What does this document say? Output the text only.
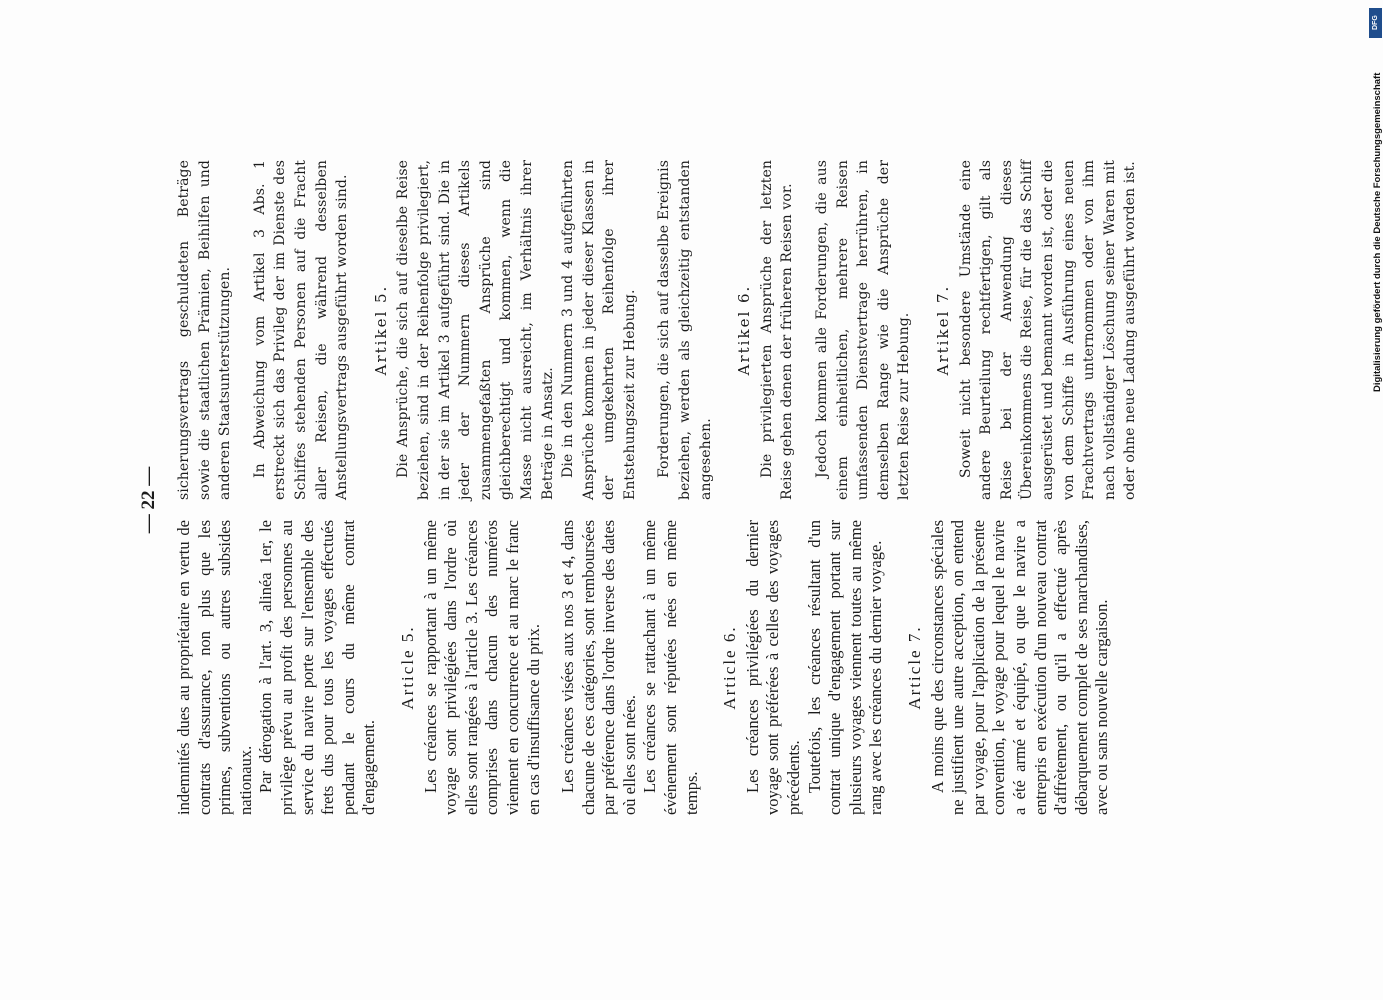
— 22 —

indemnités dues au propriétaire en vertu de contrats d'assurance, non plus que les primes, subventions ou autres subsides nationaux. Par dérogation à l'art. 3, alinéa 1er, le privilège prévu au profit des personnes au service du navire porte sur l'ensemble des frets dus pour tous les voyages effectués pendant le cours du même contrat d'engagement.

Article 5. Les créances se rapportant à un même voyage sont privilégiées dans l'ordre où elles sont rangées à l'article 3. Les créances comprises dans chacun des numéros viennent en concurrence et au marc le franc en cas d'insuffisance du prix. Les créances visées aux nos 3 et 4, dans chacune de ces catégories, sont remboursées par préférence dans l'ordre inverse des dates où elles sont nées. Les créances se rattachant à un même événement sont réputées nées en même temps.

Article 6. Les créances privilégiées du dernier voyage sont préférées à celles des voyages précédents. Toutefois, les créances résultant d'un contrat unique d'engagement portant sur plusieurs voyages viennent toutes au même rang avec les créances du dernier voyage. Article 7. A moins que des circonstances spéciales ne justifient une autre acception, on entend par voyage, pour l'application de la présente convention, le voyage pour lequel le navire a été armé et équipé, ou que le navire a entrepris en exécution d'un nouveau contrat d'affrètement, ou qu'il a effectué après débarquement complet de ses marchandises, avec ou sans nouvelle cargaison.

sicherungsvertrags geschuldeten Beträge sowie die staatlichen Prämien, Beihilfen und anderen Staatsunterstützungen. In Abweichung vom Artikel 3 Abs. 1 erstreckt sich das Privileg der im Dienste des Schiffes stehenden Personen auf die Fracht aller Reisen, die während desselben Anstellungsvertrags ausgeführt worden sind. Artikel 5. Die Ansprüche, die sich auf dieselbe Reise beziehen, sind in der Reihenfolge privilegiert, in der sie im Artikel 3 aufgeführt sind. Die in jeder der Nummern dieses Artikels zusammengefaßten Ansprüche sind gleichberechtigt und kommen, wenn die Masse nicht ausreicht, im Verhältnis ihrer Beträge in Ansatz. Die in den Nummern 3 und 4 aufgeführten Ansprüche kommen in jeder dieser Klassen in der umgekehrten Reihenfolge ihrer Entstehungszeit zur Hebung. Forderungen, die sich auf dasselbe Ereignis beziehen, werden als gleichzeitig entstanden angesehen.

Artikel 6. Die privilegierten Ansprüche der letzten Reise gehen denen der früheren Reisen vor. Jedoch kommen alle Forderungen, die aus einem einheitlichen, mehrere Reisen umfassenden Dienstvertrage herrühren, in demselben Range wie die Ansprüche der letzten Reise zur Hebung. Artikel 7. Soweit nicht besondere Umstände eine andere Beurteilung rechtfertigen, gilt als Reise bei der Anwendung dieses Übereinkommens die Reise, für die das Schiff ausgerüstet und bemannt worden ist, oder die von dem Schiffe in Ausführung eines neuen Frachtvertrags unternommen oder von ihm nach vollständiger Löschung seiner Waren mit oder ohne neue Ladung ausgeführt worden ist.

DFG
Digitalisierung gefördert durch die Deutsche Forschungsgemeinschaft
